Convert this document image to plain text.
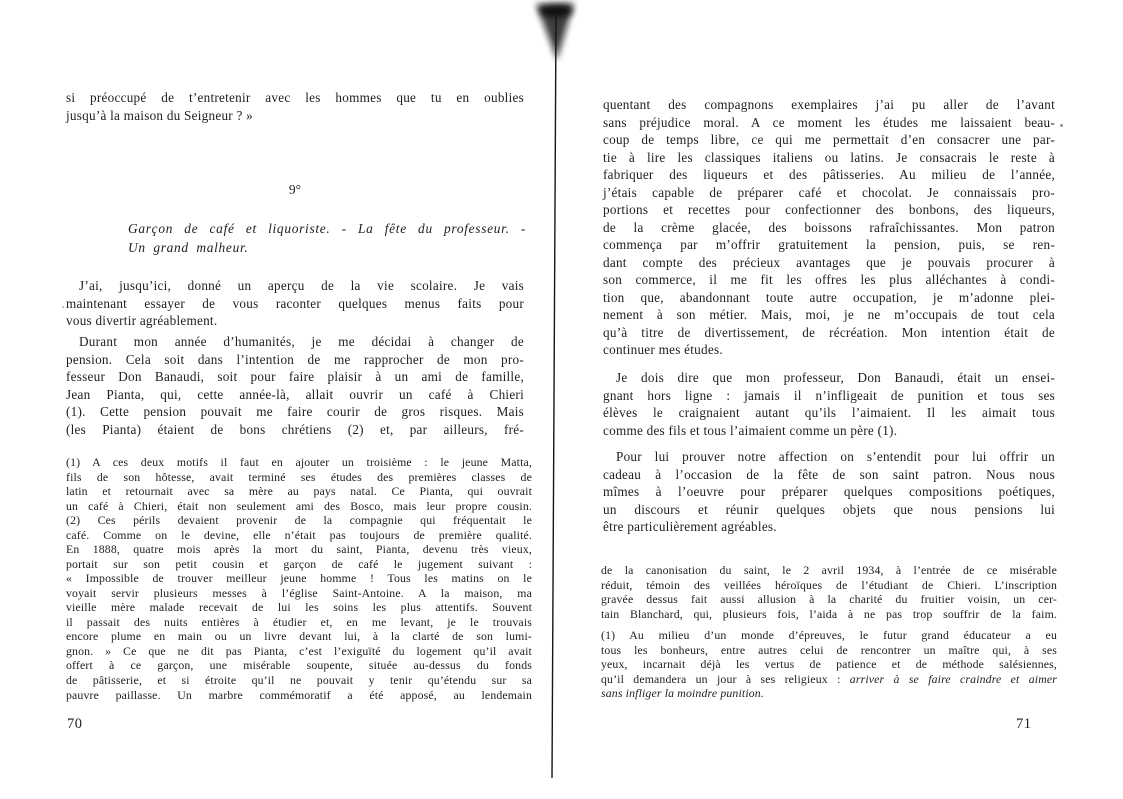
si préoccupé de t’entretenir avec les hommes que tu en oublies
jusqu’à la maison du Seigneur ? »
9°
Garçon de café et liquoriste. - La fête du professeur. -
Un grand malheur.
J’ai, jusqu’ici, donné un aperçu de la vie scolaire. Je vais
maintenant essayer de vous raconter quelques menus faits pour
vous divertir agréablement.
Durant mon année d’humanités, je me décidai à changer de
pension. Cela soit dans l’intention de me rapprocher de mon pro-
fesseur Don Banaudi, soit pour faire plaisir à un ami de famille,
Jean Pianta, qui, cette année-là, allait ouvrir un café à Chieri
(1). Cette pension pouvait me faire courir de gros risques. Mais
(les Pianta) étaient de bons chrétiens (2) et, par ailleurs, fré-
(1) A ces deux motifs il faut en ajouter un troisième : le jeune Matta,
fils de son hôtesse, avait terminé ses études des premières classes de
latin et retournait avec sa mère au pays natal. Ce Pianta, qui ouvrait
un café à Chieri, était non seulement ami des Bosco, mais leur propre cousin.
(2) Ces périls devaient provenir de la compagnie qui fréquentait le
café. Comme on le devine, elle n’était pas toujours de première qualité.
En 1888, quatre mois après la mort du saint, Pianta, devenu très vieux,
portait sur son petit cousin et garçon de café le jugement suivant :
« Impossible de trouver meilleur jeune homme ! Tous les matins on le
voyait servir plusieurs messes à l’église Saint-Antoine. A la maison, ma
vieille mère malade recevait de lui les soins les plus attentifs. Souvent
il passait des nuits entières à étudier et, en me levant, je le trouvais
encore plume en main ou un livre devant lui, à la clarté de son lumi-
gnon. » Ce que ne dit pas Pianta, c’est l’exiguïté du logement qu’il avait
offert à ce garçon, une misérable soupente, située au-dessus du fonds
de pâtisserie, et si étroite qu’il ne pouvait y tenir qu’étendu sur sa
pauvre paillasse. Un marbre commémoratif a été apposé, au lendemain
70
quentant des compagnons exemplaires j’ai pu aller de l’avant
sans préjudice moral. A ce moment les études me laissaient beau-
coup de temps libre, ce qui me permettait d’en consacrer une par-
tie à lire les classiques italiens ou latins. Je consacrais le reste à
fabriquer des liqueurs et des pâtisseries. Au milieu de l’année,
j’étais capable de préparer café et chocolat. Je connaissais pro-
portions et recettes pour confectionner des bonbons, des liqueurs,
de la crème glacée, des boissons rafraîchissantes. Mon patron
commença par m’offrir gratuitement la pension, puis, se ren-
dant compte des précieux avantages que je pouvais procurer à
son commerce, il me fit les offres les plus alléchantes à condi-
tion que, abandonnant toute autre occupation, je m’adonne plei-
nement à son métier. Mais, moi, je ne m’occupais de tout cela
qu’à titre de divertissement, de récréation. Mon intention était de
continuer mes études.
Je dois dire que mon professeur, Don Banaudi, était un ensei-
gnant hors ligne : jamais il n’infligeait de punition et tous ses
élèves le craignaient autant qu’ils l’aimaient. Il les aimait tous
comme des fils et tous l’aimaient comme un père (1).
Pour lui prouver notre affection on s’entendit pour lui offrir un
cadeau à l’occasion de la fête de son saint patron. Nous nous
mîmes à l’oeuvre pour préparer quelques compositions poétiques,
un discours et réunir quelques objets que nous pensions lui
être particulièrement agréables.
de la canonisation du saint, le 2 avril 1934, à l’entrée de ce misérable
réduit, témoin des veillées héroïques de l’étudiant de Chieri. L’inscription
gravée dessus fait aussi allusion à la charité du fruitier voisin, un cer-
tain Blanchard, qui, plusieurs fois, l’aida à ne pas trop souffrir de la faim.
(1) Au milieu d’un monde d’épreuves, le futur grand éducateur a eu
tous les bonheurs, entre autres celui de rencontrer un maître qui, à ses
yeux, incarnait déjà les vertus de patience et de méthode salésiennes,
qu’il demandera un jour à ses religieux : arriver à se faire craindre et aimer
sans infliger la moindre punition.
71
